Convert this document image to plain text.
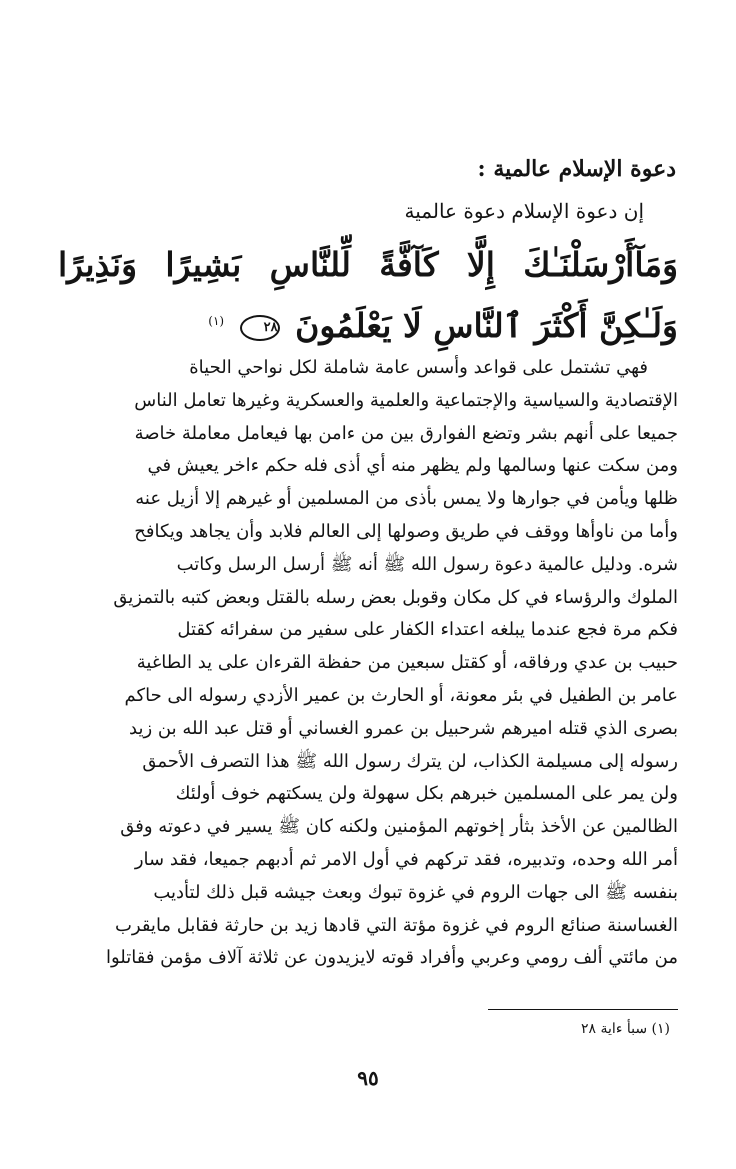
دعوة الإسلام عالمية :
إن دعوة الإسلام دعوة عالمية
وَمَآأَرْسَلْنَـٰكَ إِلَّا كَآفَّةً لِّلنَّاسِ بَشِيرًا وَنَذِيرًا وَلَـٰكِنَّ أَكْثَرَ ٱلنَّاسِ لَا يَعْلَمُونَ ٢٨ $^{(١)}$
فهي تشتمل على قواعد وأسس عامة شاملة لكل نواحي الحياة
الإقتصادية والسياسية والإجتماعية والعلمية والعسكرية وغيرها تعامل الناس
جميعا على أنهم بشر وتضع الفوارق بين من ءامن بها فيعامل معاملة خاصة
ومن سكت عنها وسالمها ولم يظهر منه أي أذى فله حكم ءاخر يعيش في
ظلها ويأمن في جوارها ولا يمس بأذى من المسلمين أو غيرهم إلا أزيل عنه
وأما من ناوأها ووقف في طريق وصولها إلى العالم فلابد وأن يجاهد ويكافح
شره. ودليل عالمية دعوة رسول الله ﷺ أنه ﷺ أرسل الرسل وكاتب
الملوك والرؤساء في كل مكان وقوبل بعض رسله بالقتل وبعض كتبه بالتمزيق
فكم مرة فجع عندما يبلغه اعتداء الكفار على سفير من سفرائه كقتل
حبيب بن عدي ورفاقه، أو كقتل سبعين من حفظة القرءان على يد الطاغية
عامر بن الطفيل في بئر معونة، أو الحارث بن عمير الأزدي رسوله الى حاكم
بصرى الذي قتله اميرهم شرحبيل بن عمرو الغساني أو قتل عبد الله بن زيد
رسوله إلى مسيلمة الكذاب، لن يترك رسول الله ﷺ هذا التصرف الأحمق
ولن يمر على المسلمين خبرهم بكل سهولة ولن يسكتهم خوف أولئك
الظالمين عن الأخذ بثأر إخوتهم المؤمنين ولكنه كان ﷺ يسير في دعوته وفق
أمر الله وحده، وتدبيره، فقد تركهم في أول الامر ثم أدبهم جميعا، فقد سار
بنفسه ﷺ الى جهات الروم في غزوة تبوك وبعث جيشه قبل ذلك لتأديب
الغساسنة صنائع الروم في غزوة مؤتة التي قادها زيد بن حارثة فقابل مايقرب
من مائتي ألف رومي وعربي وأفراد قوته لايزيدون عن ثلاثة آلاف مؤمن فقاتلوا
(١) سبأ ءاية ٢٨
٩٥
